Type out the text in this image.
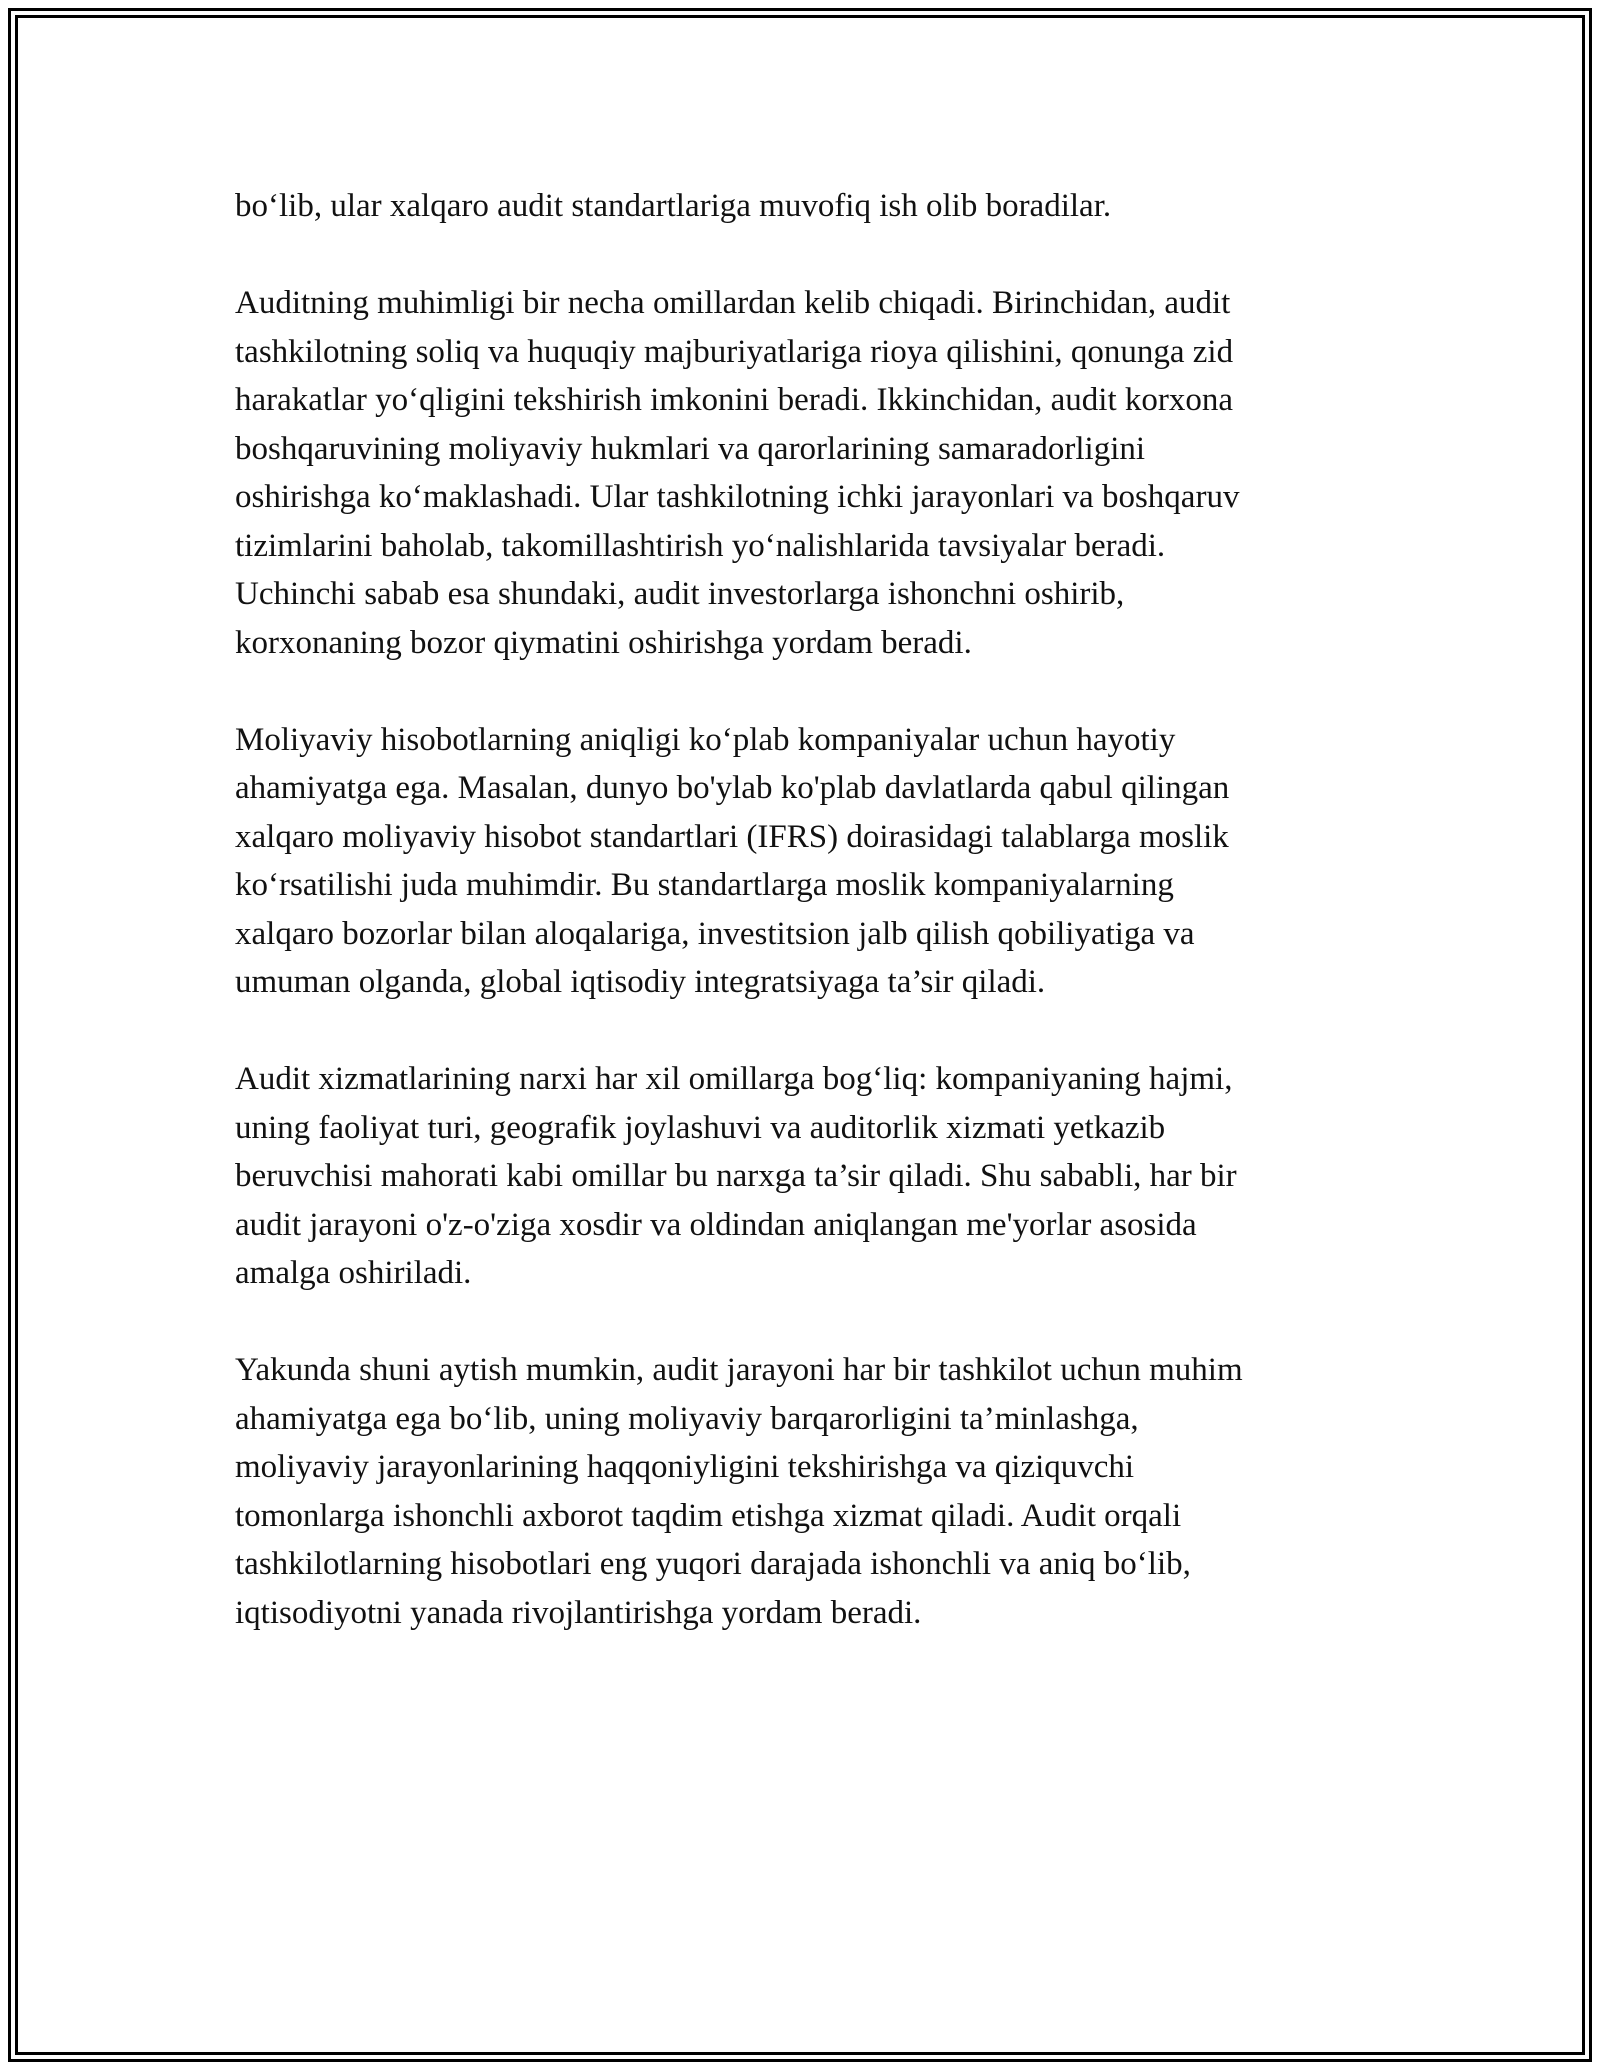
bo‘lib, ular xalqaro audit standartlariga muvofiq ish olib boradilar.

Auditning muhimligi bir necha omillardan kelib chiqadi. Birinchidan, audit
tashkilotning soliq va huquqiy majburiyatlariga rioya qilishini, qonunga zid
harakatlar yo‘qligini tekshirish imkonini beradi. Ikkinchidan, audit korxona
boshqaruvining moliyaviy hukmlari va qarorlarining samaradorligini
oshirishga ko‘maklashadi. Ular tashkilotning ichki jarayonlari va boshqaruv
tizimlarini baholab, takomillashtirish yo‘nalishlarida tavsiyalar beradi.
Uchinchi sabab esa shundaki, audit investorlarga ishonchni oshirib,
korxonaning bozor qiymatini oshirishga yordam beradi.

Moliyaviy hisobotlarning aniqligi ko‘plab kompaniyalar uchun hayotiy
ahamiyatga ega. Masalan, dunyo bo'ylab ko'plab davlatlarda qabul qilingan
xalqaro moliyaviy hisobot standartlari (IFRS) doirasidagi talablarga moslik
ko‘rsatilishi juda muhimdir. Bu standartlarga moslik kompaniyalarning
xalqaro bozorlar bilan aloqalariga, investitsion jalb qilish qobiliyatiga va
umuman olganda, global iqtisodiy integratsiyaga ta’sir qiladi.

Audit xizmatlarining narxi har xil omillarga bog‘liq: kompaniyaning hajmi,
uning faoliyat turi, geografik joylashuvi va auditorlik xizmati yetkazib
beruvchisi mahorati kabi omillar bu narxga ta’sir qiladi. Shu sababli, har bir
audit jarayoni o'z-o'ziga xosdir va oldindan aniqlangan me'yorlar asosida
amalga oshiriladi.

Yakunda shuni aytish mumkin, audit jarayoni har bir tashkilot uchun muhim
ahamiyatga ega bo‘lib, uning moliyaviy barqarorligini ta’minlashga,
moliyaviy jarayonlarining haqqoniyligini tekshirishga va qiziquvchi
tomonlarga ishonchli axborot taqdim etishga xizmat qiladi. Audit orqali
tashkilotlarning hisobotlari eng yuqori darajada ishonchli va aniq bo‘lib,
iqtisodiyotni yanada rivojlantirishga yordam beradi.
